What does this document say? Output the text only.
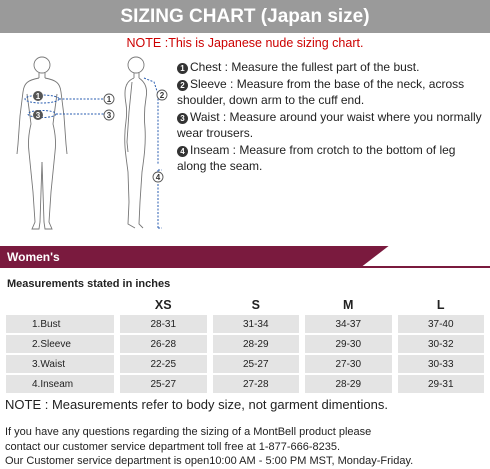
SIZING CHART (Japan size)
NOTE :This is Japanese nude sizing chart.
1
3
1
3
2
4
1 Chest : Measure the fullest part of the bust.
2 Sleeve : Measure from the base of the neck, across shoulder, down arm to the cuff end.
3 Waist : Measure around your waist where you normally wear trousers.
4 Inseam : Measure from crotch to the bottom of leg along the seam.
Women's
Measurements stated in inches
	XS	S	M	L
1.Bust	28-31	31-34	34-37	37-40
2.Sleeve	26-28	28-29	29-30	30-32
3.Waist	22-25	25-27	27-30	30-33
4.Inseam	25-27	27-28	28-29	29-31
NOTE : Measurements refer to body size, not garment dimentions.
If you have any questions regarding the sizing of a MontBell product please
contact our customer service department toll free at 1-877-666-8235.
Our Customer service department is open10:00 AM - 5:00 PM MST, Monday-Friday.
